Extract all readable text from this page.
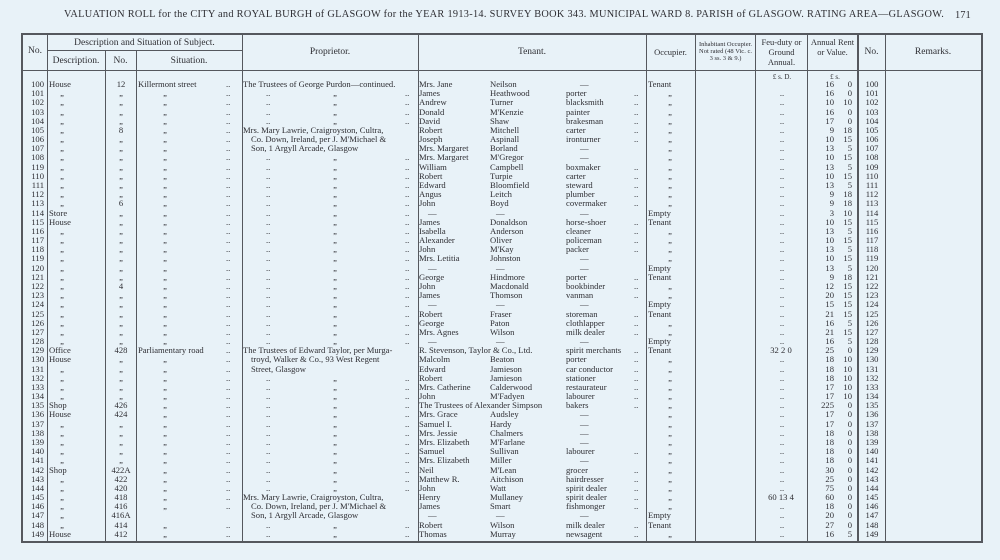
VALUATION ROLL for the CITY and ROYAL BURGH of GLASGOW for the YEAR 1913-14. SURVEY BOOK 343. MUNICIPAL WARD 8. PARISH of GLASGOW. RATING AREA—GLASGOW. 171
No.
Description and Situation of Subject.
Description.	No.	Situation.
Proprietor.	Tenant.	Occupier.
Inhabitant Occupier. Not rated (48 Vic. c. 3 ss. 3 & 9.)
Annual Rent or Value.
Feu-duty or Ground Annual.
No.	Remarks.
£ s. D.	£ s.
100 House	12	Killermont street	.. The Trustees of George Purdon—continued.	Mrs. Jane	Neilson	—	Tenant	16	0	100
101	„	„	„	..	..	„	.. James	Heathwood	porter	..	„	..	16	0	101
102	„	„	„	..	..	„	.. Andrew	Turner	blacksmith	..	„	..	10	10	102
103	„	„	„	..	..	„	.. Donald	M'Kenzie	painter	..	„	..	16	0	103
104	„	„	„	..	..	„	.. David	Shaw	brakesman	..	„	..	17	0	104
105	„	8	„	.. Mrs. Mary Lawrie, Craigroyston, Cultra,	Robert	Mitchell	carter	..	„	..	9	18	105
106	„	„	„	.. Co. Down, Ireland, per J. M'Michael &	Joseph	Aspinall	ironturner	..	„	..	10	15	106
107	„	„	„	.. Son, 1 Argyll Arcade, Glasgow	Mrs. Margaret	Borland	—	„	..	13	5	107
108	„	„	„	..	..	„	.. Mrs. Margaret	M'Gregor	—	„	..	10	15	108
119	„	„	„	..	..	„	.. William	Campbell	boxmaker	..	„	..	13	5	109
110	„	„	„	..	..	„	.. Robert	Turpie	carter	..	„	..	10	15	110
111	„	„	„	..	..	„	.. Edward	Bloomfield	steward	..	„	..	13	5	111
112	„	„	„	..	..	„	.. Angus	Leitch	plumber	..	„	..	9	18	112
113	„	6	„	..	..	„	.. John	Boyd	covermaker	..	„	..	9	18	113
114 Store	„	„	..	..	„	.. —	—	—	Empty	..	3	10	114
115 House	„	„	..	..	„	.. James	Donaldson	horse-shoer	.. Tenant	..	10	15	115
116	„	„	„	..	..	„	.. Isabella	Anderson	cleaner	..	„	..	13	5	116
117	„	„	„	..	..	„	.. Alexander	Oliver	policeman	..	„	..	10	15	117
118	„	„	„	..	..	„	.. John	M'Kay	packer	..	„	..	13	5	118
119	„	„	„	..	..	„	.. Mrs. Letitia	Johnston	—	„	..	10	15	119
120	„	„	„	..	..	„	.. —	—	—	Empty	..	13	5	120
121	„	„	„	..	..	„	.. George	Hindmore	porter	.. Tenant	..	9	18	121
122	„	4	„	..	..	„	.. John	Macdonald	bookbinder	..	„	..	12	15	122
123	„	„	„	..	..	„	.. James	Thomson	vanman	..	„	..	20	15	123
124	„	„	„	..	..	„	.. —	—	—	Empty	..	15	15	124
125	„	„	„	..	..	„	.. Robert	Fraser	storeman	.. Tenant	..	21	15	125
126	„	„	„	..	..	„	.. George	Paton	clothlapper	..	„	..	16	5	126
127	„	„	„	..	..	„	.. Mrs. Agnes	Wilson	milk dealer	..	„	..	21	15	127
128	„	„	„	..	..	„	.. —	—	—	Empty	..	16	5	128
129 Office	428	Parliamentary road	.. The Trustees of Edward Taylor, per Murga-	R. Stevenson, Taylor & Co., Ltd.	spirit merchants .. Tenant	32 2 0	25	0	129
130 House	„	„	.. troyd, Walker & Co., 93 West Regent	Malcolm	Beaton	porter	..	„	..	18	10	130
131	„	„	„	.. Street, Glasgow	Edward	Jamieson	car conductor ..	„	..	18	10	131
132	„	„	„	..	..	„	.. Robert	Jamieson	stationer	..	„	..	18	10	132
133	„	„	„	..	..	„	.. Mrs. Catherine Calderwood	restaurateur	..	„	..	17	10	133
134	„	„	„	..	..	„	.. John	M'Fadyen	labourer	..	„	..	17	10	134
135 Shop	426	„	..	..	„	.. The Trustees of Alexander Simpson	bakers	..	„	..	225	0	135
136 House	424	„	..	..	„	.. Mrs. Grace	Audsley	—	„	..	17	0	136
137	„	„	„	..	..	„	.. Samuel I.	Hardy	—	„	..	17	0	137
138	„	„	„	..	..	„	.. Mrs. Jessie	Chalmers	—	„	..	18	0	138
139	„	„	„	..	..	„	.. Mrs. Elizabeth M'Farlane	—	„	..	18	0	139
140	„	„	„	..	..	„	.. Samuel	Sullivan	labourer	..	„	..	18	0	140
141	„	„	„	..	..	„	.. Mrs. Elizabeth Miller	—	„	..	18	0	141
142 Shop	422A	„	..	..	„	.. Neil	M'Lean	grocer	..	„	..	30	0	142
143	„	422	„	..	..	„	.. Matthew R.	Aitchison	hairdresser	..	„	..	25	0	143
144	„	420	„	..	..	„	.. John	Watt	spirit dealer	..	„	..	75	0	144
145	„	418	„	.. Mrs. Mary Lawrie, Craigroyston, Cultra,	Henry	Mullaney	spirit dealer	..	„	60 13 4	60	0	145
146	„	416	„	.. Co. Down, Ireland, per J. M'Michael &	James	Smart	fishmonger	..	„	..	18	0	146
147	„	416A	Son, 1 Argyll Arcade, Glasgow	—	—	—	Empty	..	20	0	147
148	„	414	„	..	..	„	.. Robert	Wilson	milk dealer	.. Tenant	..	27	0	148
149 House	412	„	..	..	„	.. Thomas	Murray	newsagent	..	„	..	16	5	149
